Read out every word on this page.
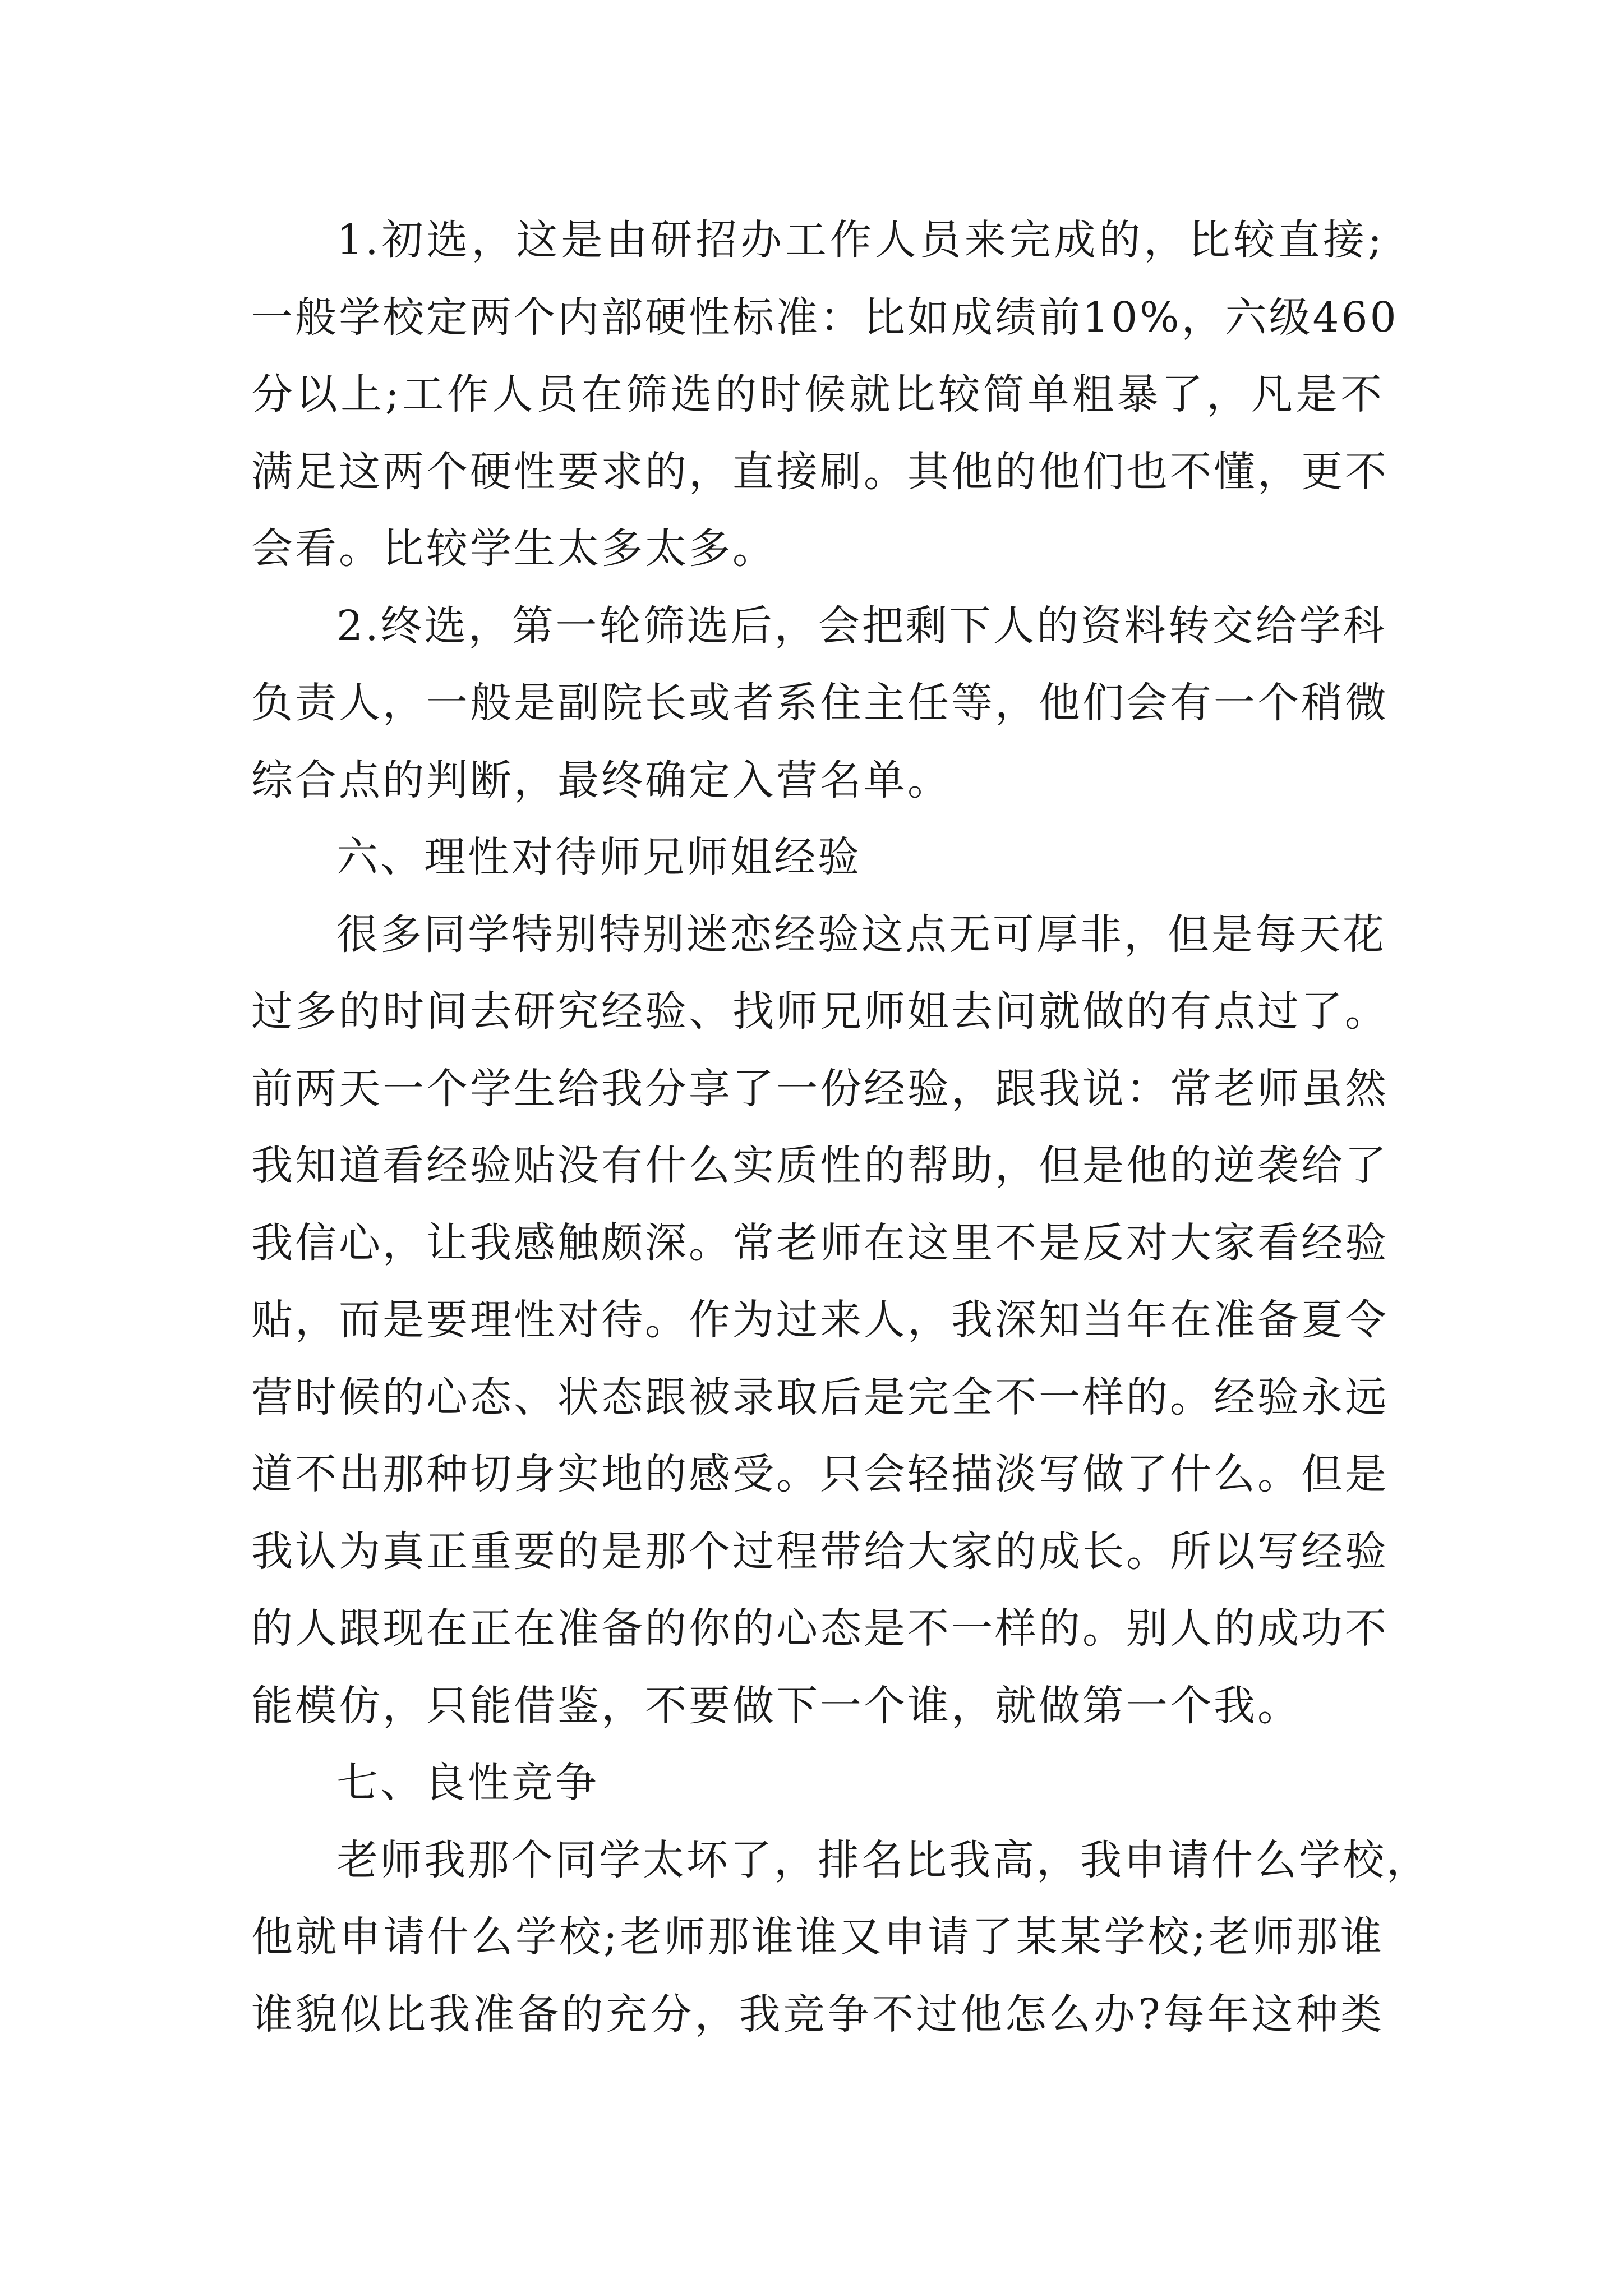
1.初选，这是由研招办工作人员来完成的，比较直接;
一般学校定两个内部硬性标准：比如成绩前10%，六级460
分以上;工作人员在筛选的时候就比较简单粗暴了，凡是不
满足这两个硬性要求的，直接刷。其他的他们也不懂，更不
会看。比较学生太多太多。
2.终选，第一轮筛选后，会把剩下人的资料转交给学科
负责人，一般是副院长或者系住主任等，他们会有一个稍微
综合点的判断，最终确定入营名单。
六、理性对待师兄师姐经验
很多同学特别特别迷恋经验这点无可厚非，但是每天花
过多的时间去研究经验、找师兄师姐去问就做的有点过了。
前两天一个学生给我分享了一份经验，跟我说：常老师虽然
我知道看经验贴没有什么实质性的帮助，但是他的逆袭给了
我信心，让我感触颇深。常老师在这里不是反对大家看经验
贴，而是要理性对待。作为过来人，我深知当年在准备夏令
营时候的心态、状态跟被录取后是完全不一样的。经验永远
道不出那种切身实地的感受。只会轻描淡写做了什么。但是
我认为真正重要的是那个过程带给大家的成长。所以写经验
的人跟现在正在准备的你的心态是不一样的。别人的成功不
能模仿，只能借鉴，不要做下一个谁，就做第一个我。
七、良性竞争
老师我那个同学太坏了，排名比我高，我申请什么学校，
他就申请什么学校;老师那谁谁又申请了某某学校;老师那谁
谁貌似比我准备的充分，我竞争不过他怎么办?每年这种类
